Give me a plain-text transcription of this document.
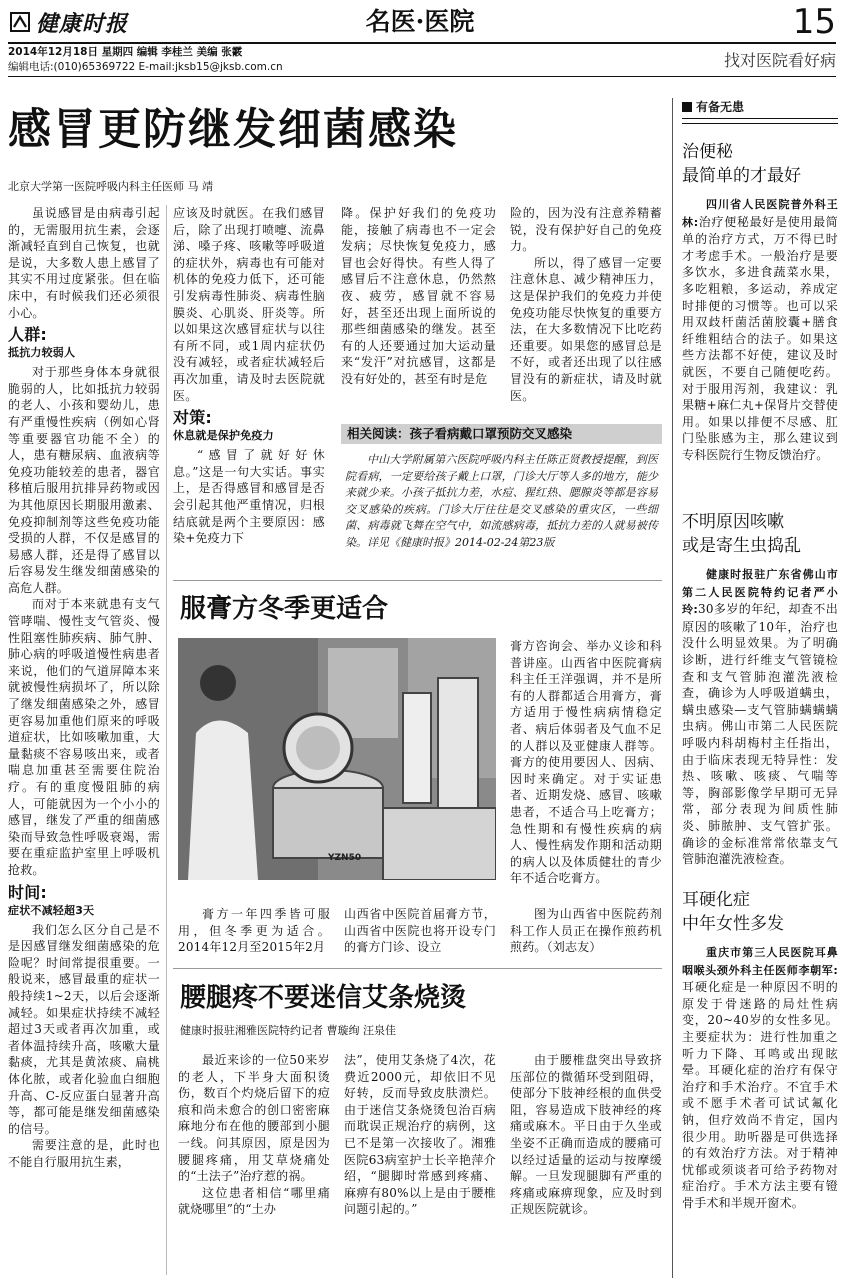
健康时报	名医·医院	15
2014年12月18日 星期四 编辑 李桂兰 美编 张霰
编辑电话:(010)65369722 E-mail:jksb15@jksb.com.cn	找对医院看好病
感冒更防继发细菌感染
北京大学第一医院呼吸内科主任医师 马 靖

虽说感冒是由病毒引起的，无需服用抗生素，会逐渐减轻直到自己恢复，也就是说，大多数人患上感冒了其实不用过度紧张。但在临床中，有时候我们还必须很小心。

人群:
抵抗力较弱人

对于那些身体本身就很脆弱的人，比如抵抗力较弱的老人、小孩和婴幼儿，患有严重慢性疾病（例如心肾等重要器官功能不全）的人，患有糖尿病、血液病等免疫功能较差的患者，器官移植后服用抗排异药物或因为其他原因长期服用激素、免疫抑制剂等这些免疫功能受损的人群，不仅是感冒的易感人群，还是得了感冒以后容易发生继发细菌感染的高危人群。

而对于本来就患有支气管哮喘、慢性支气管炎、慢性阻塞性肺疾病、肺气肿、肺心病的呼吸道慢性病患者来说，他们的气道屏障本来就被慢性病损坏了，所以除了继发细菌感染之外，感冒更容易加重他们原来的呼吸道症状，比如咳嗽加重，大量黏痰不容易咳出来，或者喘息加重甚至需要住院治疗。有的重度慢阻肺的病人，可能就因为一个小小的感冒，继发了严重的细菌感染而导致急性呼吸衰竭，需要在重症监护室里上呼吸机抢救。

时间:
症状不减轻超3天

我们怎么区分自己是不是因感冒继发细菌感染的危险呢？时间常提很重要。一般说来，感冒最重的症状一般持续1~2天，以后会逐渐减轻。如果症状持续不减轻超过3天或者再次加重，或者体温持续升高，咳嗽大量黏痰，尤其是黄浓痰、扁桃体化脓，或者化验血白细胞升高、C-反应蛋白显著升高等，都可能是继发细菌感染的信号。

需要注意的是，此时也不能自行服用抗生素，

应该及时就医。在我们感冒后，除了出现打喷嚏、流鼻涕、嗓子疼、咳嗽等呼吸道的症状外，病毒也有可能对机体的免疫力低下，还可能引发病毒性肺炎、病毒性脑膜炎、心肌炎、肝炎等。所以如果这次感冒症状与以往有所不同，或1周内症状仍没有减轻，或者症状减轻后再次加重，请及时去医院就医。

对策:
休息就是保护免疫力

“感冒了就好好休息。”这是一句大实话。事实上，是否得感冒和感冒是否会引起其他严重情况，归根结底就是两个主要原因：感染+免疫力下

降。保护好我们的免疫功能，接触了病毒也不一定会发病；尽快恢复免疫力，感冒也会好得快。有些人得了感冒后不注意休息，仍然熬夜、疲劳，感冒就不容易好，甚至还出现上面所说的那些细菌感染的继发。甚至有的人还要通过加大运动量来“发汗”对抗感冒，这都是没有好处的，甚至有时是危

险的，因为没有注意养精蓄锐，没有保护好自己的免疫力。

所以，得了感冒一定要注意休息、减少精神压力，这是保护我们的免疫力并使免疫功能尽快恢复的重要方法，在大多数情况下比吃药还重要。如果您的感冒总是不好，或者还出现了以往感冒没有的新症状，请及时就医。

相关阅读：孩子看病戴口罩预防交叉感染
中山大学附属第六医院呼吸内科主任陈正贤教授提醒，到医院看病，一定要给孩子戴上口罩，门诊大厅等人多的地方，能少来就少来。小孩子抵抗力差，水痘、猩红热、腮腺炎等都是容易交叉感染的疾病。门诊大厅往往是交叉感染的重灾区，一些细菌、病毒就飞舞在空气中，如流感病毒，抵抗力差的人就易被传染。详见《健康时报》2014-02-24第23版
服膏方冬季更适合
YZN50

膏方咨询会、举办义诊和科普讲座。山西省中医院膏病科主任王洋强调，并不是所有的人群都适合用膏方，膏方适用于慢性病病情稳定者、病后体弱者及气血不足的人群以及亚健康人群等。膏方的使用要因人、因病、因时来确定。对于实证患者、近期发烧、感冒、咳嗽患者，不适合马上吃膏方；急性期和有慢性疾病的病人、慢性病发作期和活动期的病人以及体质健壮的青少年不适合吃膏方。

膏方一年四季皆可服用，但冬季更为适合。2014年12月至2015年2月

山西省中医院首届膏方节，山西省中医院也将开设专门的膏方门诊、设立

图为山西省中医院药剂科工作人员正在操作煎药机煎药。（刘志友）

腰腿疼不要迷信艾条烧烫
健康时报驻湘雅医院特约记者 曹璇绚 汪泉佳

最近来诊的一位50来岁的老人，下半身大面积烫伤，数百个灼烧后留下的痘痕和尚未愈合的创口密密麻麻地分布在他的腰部到小腿一线。问其原因，原是因为腰腿疼痛，用艾草烧痛处的“土法子”治疗惹的祸。

这位患者相信“哪里痛就烧哪里”的“土办

法”，使用艾条烧了4次，花费近2000元，却依旧不见好转，反而导致皮肤溃烂。由于迷信艾条烧烫包治百病而耽误正规治疗的病例，这已不是第一次接收了。湘雅医院63病室护士长辛艳萍介绍，“腿脚时常感到疼痛、麻痹有80%以上是由于腰椎问题引起的。”

由于腰椎盘突出导致挤压部位的微循环受到阻碍，使部分下肢神经根的血供受阻，容易造成下肢神经的疼痛或麻木。平日由于久坐或坐姿不正确而造成的腰痛可以经过适量的运动与按摩缓解。一旦发现腿脚有严重的疼痛或麻痹现象，应及时到正规医院就诊。

有备无患
治便秘
最简单的才最好

四川省人民医院普外科王林:治疗便秘最好是使用最简单的治疗方式，万不得已时才考虑手术。一般治疗是要多饮水，多进食蔬菜水果，多吃粗粮，多运动，养成定时排便的习惯等。也可以采用双歧杆菌活菌胶囊+膳食纤维粗结合的法子。如果这些方法都不好使，建议及时就医，不要自己随便吃药。对于服用泻剂，我建议：乳果糖+麻仁丸+保肾片交替使用。如果以排便不尽感、肛门坠胀感为主，那么建议到专科医院行生物反馈治疗。

不明原因咳嗽
或是寄生虫捣乱

健康时报驻广东省佛山市第二人民医院特约记者严小玲:30多岁的年纪，却查不出原因的咳嗽了10年，治疗也没什么明显效果。为了明确诊断，进行纤维支气管镜检查和支气管肺泡灌洗液检查，确诊为人呼吸道螨虫，螨虫感染—支气管肺螨螨螨虫病。佛山市第二人民医院呼吸内科胡梅村主任指出，由于临床表现无特异性：发热、咳嗽、咳痰、气喘等等，胸部影像学早期可无异常，部分表现为间质性肺炎、肺脓肿、支气管扩张。确诊的金标准常常依靠支气管肺泡灌洗液检查。

耳硬化症
中年女性多发

重庆市第三人民医院耳鼻咽喉头颈外科主任医师李朝军:耳硬化症是一种原因不明的原发于骨迷路的局灶性病变，20~40岁的女性多见。主要症状为：进行性加重之听力下降、耳鸣或出现眩晕。耳硬化症的治疗有保守治疗和手术治疗。不宜手术或不愿手术者可试试氟化钠，但疗效尚不肯定，国内很少用。助听器是可供选择的有效治疗方法。对于精神忧郁或须谈者可给予药物对症治疗。手术方法主要有镫骨手术和半规开窗术。
